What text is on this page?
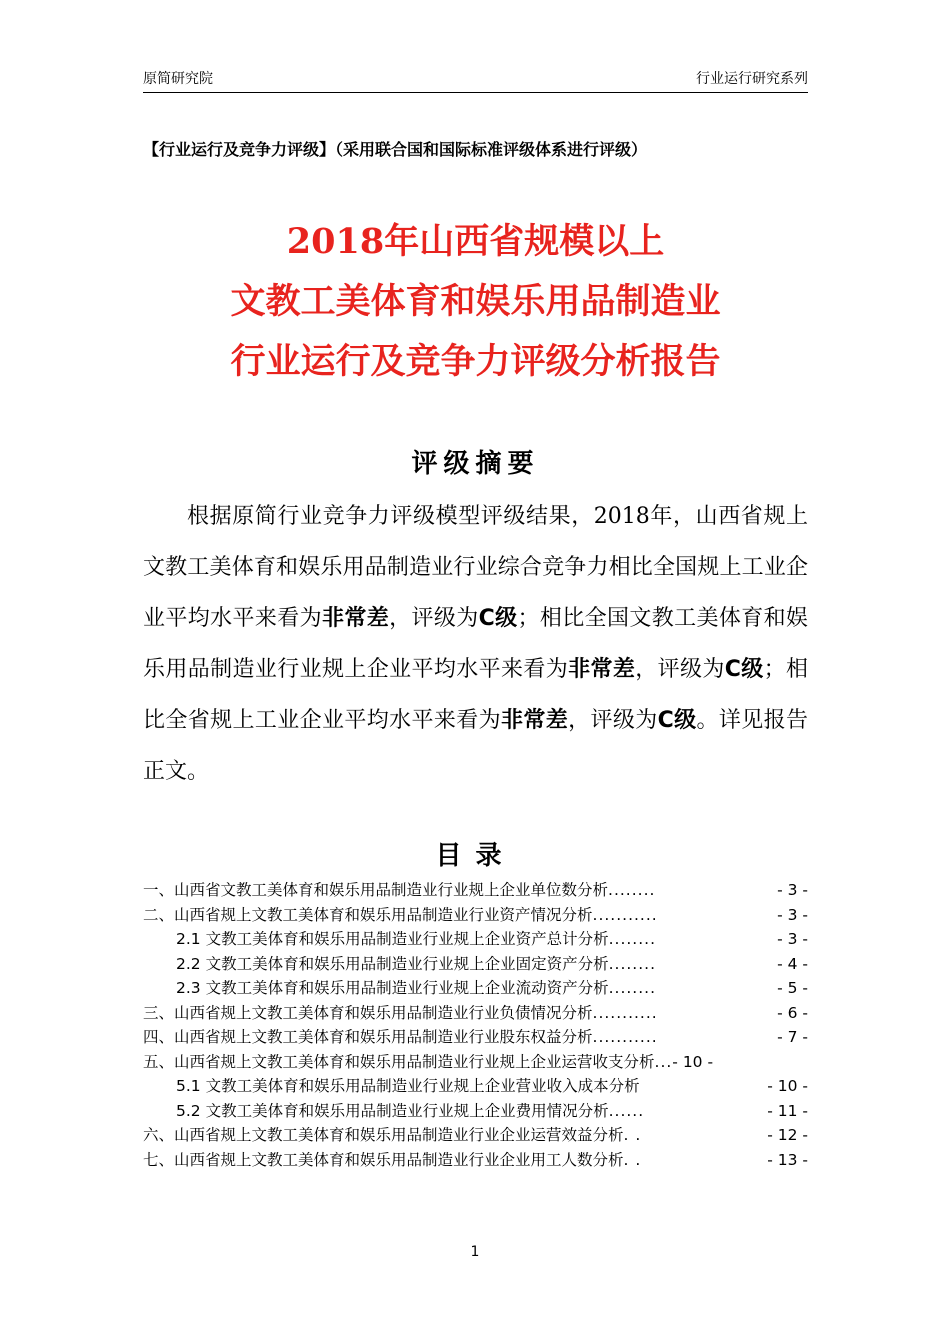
原简研究院	行业运行研究系列
【行业运行及竞争力评级】（采用联合国和国际标准评级体系进行评级）
2018年山西省规模以上
文教工美体育和娱乐用品制造业
行业运行及竞争力评级分析报告
评级摘要

根据原简行业竞争力评级模型评级结果，2018年，山西省规上文教工美体育和娱乐用品制造业行业综合竞争力相比全国规上工业企业平均水平来看为非常差，评级为C级；相比全国文教工美体育和娱乐用品制造业行业规上企业平均水平来看为非常差，评级为C级；相比全省规上工业企业平均水平来看为非常差，评级为C级。详见报告正文。

目录
一、山西省文教工美体育和娱乐用品制造业行业规上企业单位数分析 ........	- 3 -
二、山西省规上文教工美体育和娱乐用品制造业行业资产情况分析 ...........	- 3 -
2.1 文教工美体育和娱乐用品制造业行业规上企业资产总计分析 ........	- 3 -
2.2 文教工美体育和娱乐用品制造业行业规上企业固定资产分析 ........	- 4 -
2.3 文教工美体育和娱乐用品制造业行业规上企业流动资产分析 ........	- 5 -
三、山西省规上文教工美体育和娱乐用品制造业行业负债情况分析 ...........	- 6 -
四、山西省规上文教工美体育和娱乐用品制造业行业股东权益分析 ...........	- 7 -
五、山西省规上文教工美体育和娱乐用品制造业行业规上企业运营收支分析...- 10 -
5.1 文教工美体育和娱乐用品制造业行业规上企业营业收入成本分析	- 10 -
5.2 文教工美体育和娱乐用品制造业行业规上企业费用情况分析 ......	- 11 -
六、山西省规上文教工美体育和娱乐用品制造业行业企业运营效益分析 . .	- 12 -
七、山西省规上文教工美体育和娱乐用品制造业行业企业用工人数分析 . .	- 13 -
1
